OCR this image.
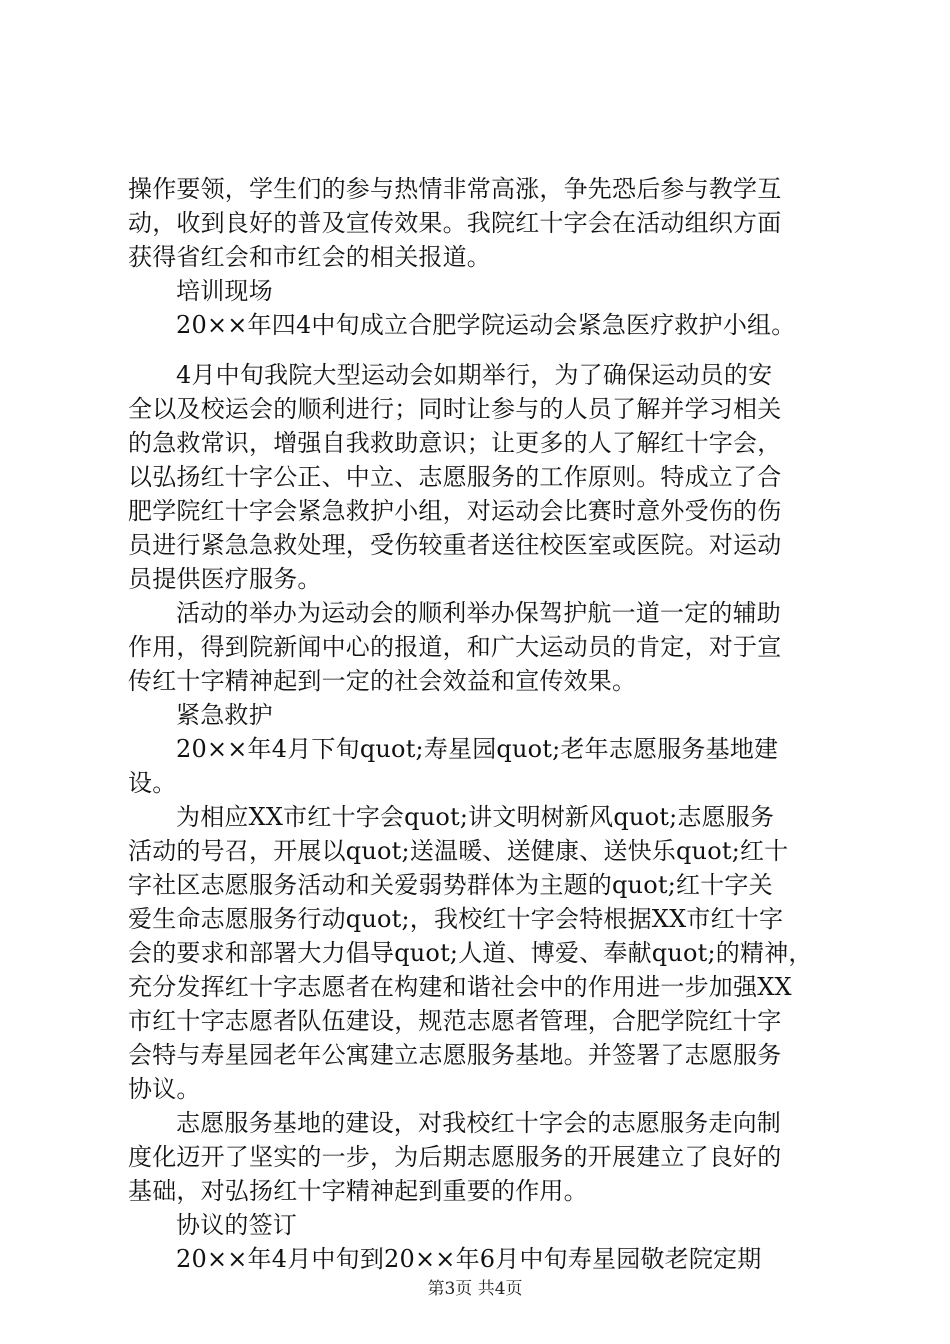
操作要领，学生们的参与热情非常高涨，争先恐后参与教学互
动，收到良好的普及宣传效果。我院红十字会在活动组织方面
获得省红会和市红会的相关报道。
培训现场
20××年四4中旬成立合肥学院运动会紧急医疗救护小组。
4月中旬我院大型运动会如期举行，为了确保运动员的安
全以及校运会的顺利进行；同时让参与的人员了解并学习相关
的急救常识，增强自我救助意识；让更多的人了解红十字会，
以弘扬红十字公正、中立、志愿服务的工作原则。特成立了合
肥学院红十字会紧急救护小组，对运动会比赛时意外受伤的伤
员进行紧急急救处理，受伤较重者送往校医室或医院。对运动
员提供医疗服务。
活动的举办为运动会的顺利举办保驾护航一道一定的辅助
作用，得到院新闻中心的报道，和广大运动员的肯定，对于宣
传红十字精神起到一定的社会效益和宣传效果。
紧急救护
20××年4月下旬quot;寿星园quot;老年志愿服务基地建
设。
为相应XX市红十字会quot;讲文明树新风quot;志愿服务
活动的号召，开展以quot;送温暖、送健康、送快乐quot;红十
字社区志愿服务活动和关爱弱势群体为主题的quot;红十字关
爱生命志愿服务行动quot;，我校红十字会特根据XX市红十字
会的要求和部署大力倡导quot;人道、博爱、奉献quot;的精神，
充分发挥红十字志愿者在构建和谐社会中的作用进一步加强XX
市红十字志愿者队伍建设，规范志愿者管理，合肥学院红十字
会特与寿星园老年公寓建立志愿服务基地。并签署了志愿服务
协议。
志愿服务基地的建设，对我校红十字会的志愿服务走向制
度化迈开了坚实的一步，为后期志愿服务的开展建立了良好的
基础，对弘扬红十字精神起到重要的作用。
协议的签订
20××年4月中旬到20××年6月中旬寿星园敬老院定期
第3页 共4页
